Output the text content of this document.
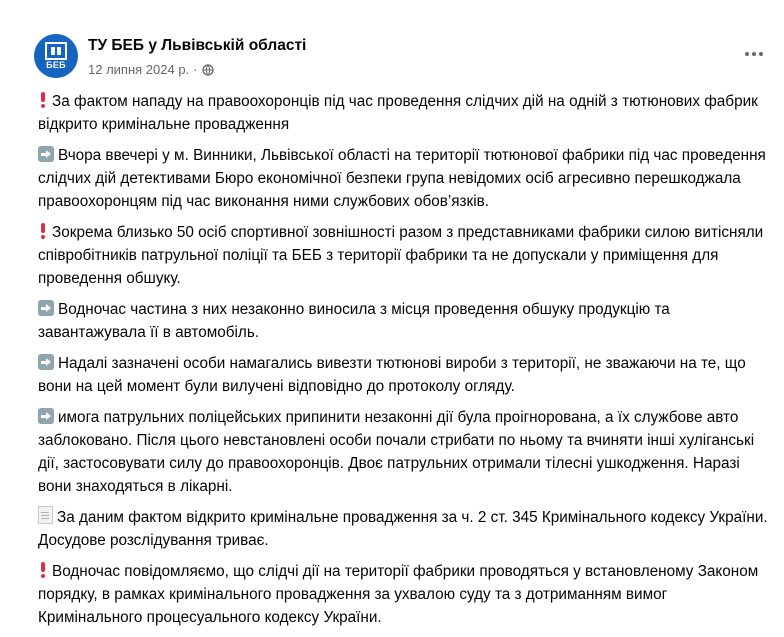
БЕБ
ТУ БЕБ у Львівській області
12 липня 2024 р. ·

За фактом нападу на правоохоронців під час проведення слідчих дій на одній з тютюнових фабрик відкрито кримінальне провадження

Вчора ввечері у м. Винники, Львівської області на території тютюнової фабрики під час проведення слідчих дій детективами Бюро економічної безпеки група невідомих осіб агресивно перешкоджала правоохоронцям під час виконання ними службових обов’язків.

Зокрема близько 50 осіб спортивної зовнішності разом з представниками фабрики силою витісняли співробітників патрульної поліції та БЕБ з території фабрики та не допускали у приміщення для проведення обшуку.

Водночас частина з них незаконно виносила з місця проведення обшуку продукцію та завантажувала її в автомобіль.

Надалі зазначені особи намагались вивезти тютюнові вироби з території, не зважаючи на те, що вони на цей момент були вилучені відповідно до протоколу огляду.

имога патрульних поліцейських припинити незаконні дії була проігнорована, а їх службове авто заблоковано. Після цього невстановлені особи почали стрибати по ньому та вчиняти інші хуліганські дії, застосовувати силу до правоохоронців. Двоє патрульних отримали тілесні ушкодження. Наразі вони знаходяться в лікарні.

За даним фактом відкрито кримінальне провадження за ч. 2 ст. 345 Кримінального кодексу України. Досудове розслідування триває.

Водночас повідомляємо, що слідчі дії на території фабрики проводяться у встановленому Законом порядку, в рамках кримінального провадження за ухвалою суду та з дотриманням вимог Кримінального процесуального кодексу України.
